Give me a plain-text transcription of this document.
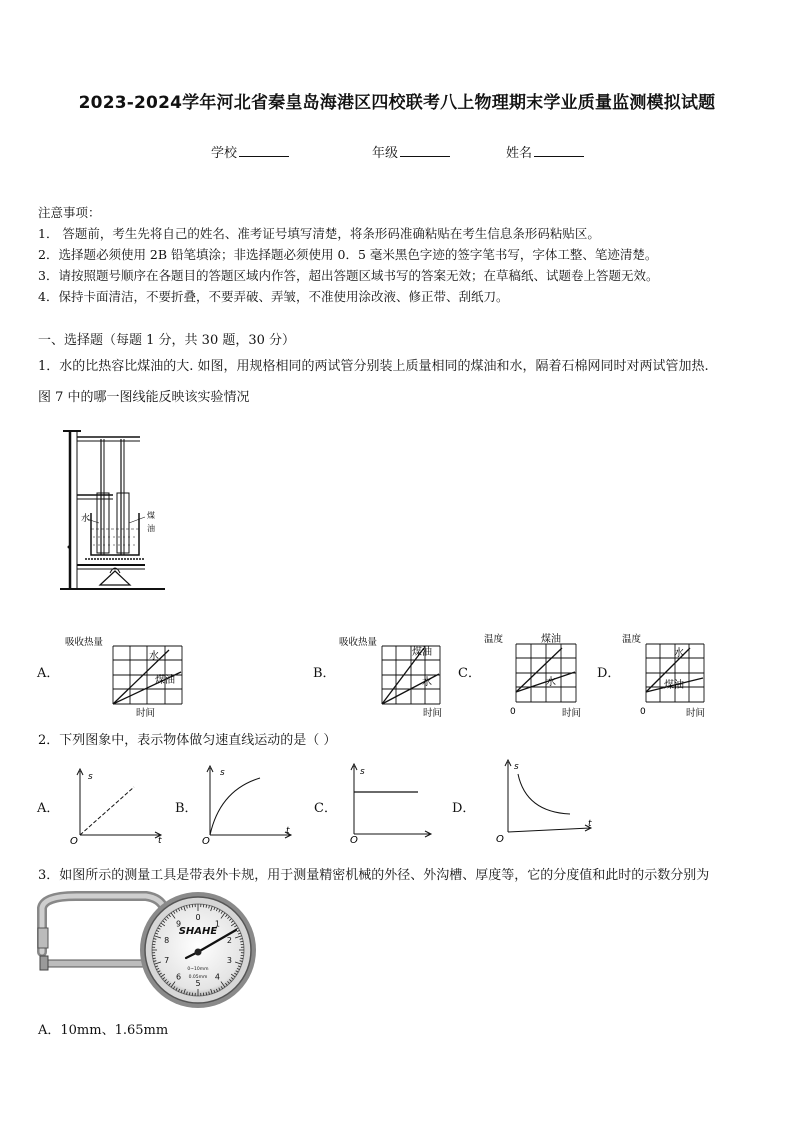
2023-2024学年河北省秦皇岛海港区四校联考八上物理期末学业质量监测模拟试题
学校	年级	姓名
注意事项：
1． 答题前，考生先将自己的姓名、准考证号填写清楚，将条形码准确粘贴在考生信息条形码粘贴区。
2．选择题必须使用 2B 铅笔填涂；非选择题必须使用 0．5 毫米黑色字迹的签字笔书写，字体工整、笔迹清楚。
3．请按照题号顺序在各题目的答题区域内作答，超出答题区域书写的答案无效；在草稿纸、试题卷上答题无效。
4．保持卡面清洁，不要折叠，不要弄破、弄皱，不准使用涂改液、修正带、刮纸刀。
一、选择题（每题 1 分，共 30 题，30 分）
1．水的比热容比煤油的大. 如图，用规格相同的两试管分别装上质量相同的煤油和水，隔着石棉网同时对两试管加热.
图 7 中的哪一图线能反映该实验情况
水	煤
油
A．
吸收热量
水
煤油
时间
B．
吸收热量
煤油
水
时间
C．
温度	煤油
水
0	时间
D．
温度
水
煤油
0	时间
2．下列图象中，表示物体做匀速直线运动的是（ ）
A．
s
t
O
B．
s
t
O
C．
s
O
D．
s
t
O
3．如图所示的测量工具是带表外卡规，用于测量精密机械的外径、外沟槽、厚度等，它的分度值和此时的示数分别为
0
1
2
3
4
5
6
7
8
9
SHAHE
0~10mm
0.05mm
A．10mm、1.65mm
